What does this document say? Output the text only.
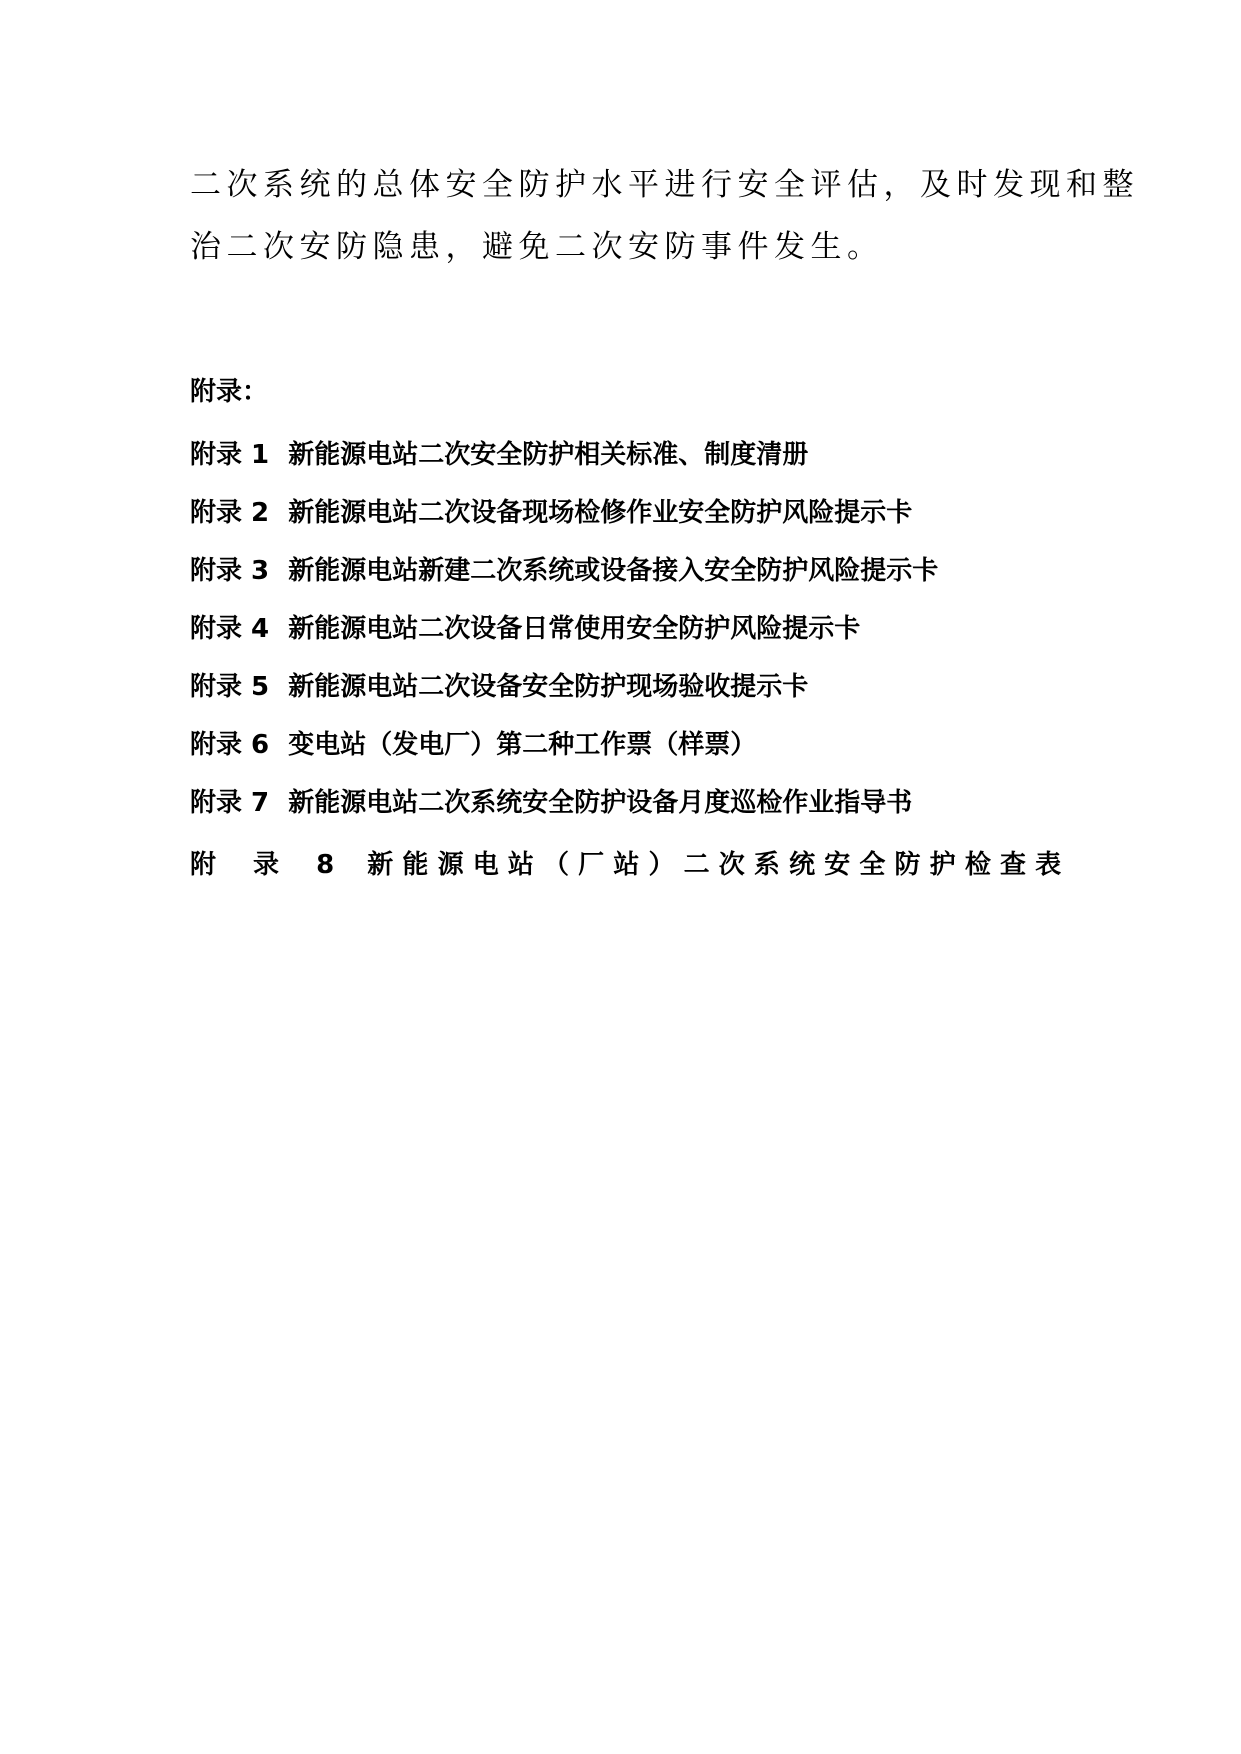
二次系统的总体安全防护水平进行安全评估，及时发现和整

治二次安防隐患，避免二次安防事件发生。

附录：

附录 1 新能源电站二次安全防护相关标准、制度清册
附录 2 新能源电站二次设备现场检修作业安全防护风险提示卡
附录 3 新能源电站新建二次系统或设备接入安全防护风险提示卡
附录 4 新能源电站二次设备日常使用安全防护风险提示卡
附录 5 新能源电站二次设备安全防护现场验收提示卡
附录 6 变电站（发电厂）第二种工作票（样票）
附录 7 新能源电站二次系统安全防护设备月度巡检作业指导书
附 录 8 新能源电站（厂站）二次系统安全防护检查表
